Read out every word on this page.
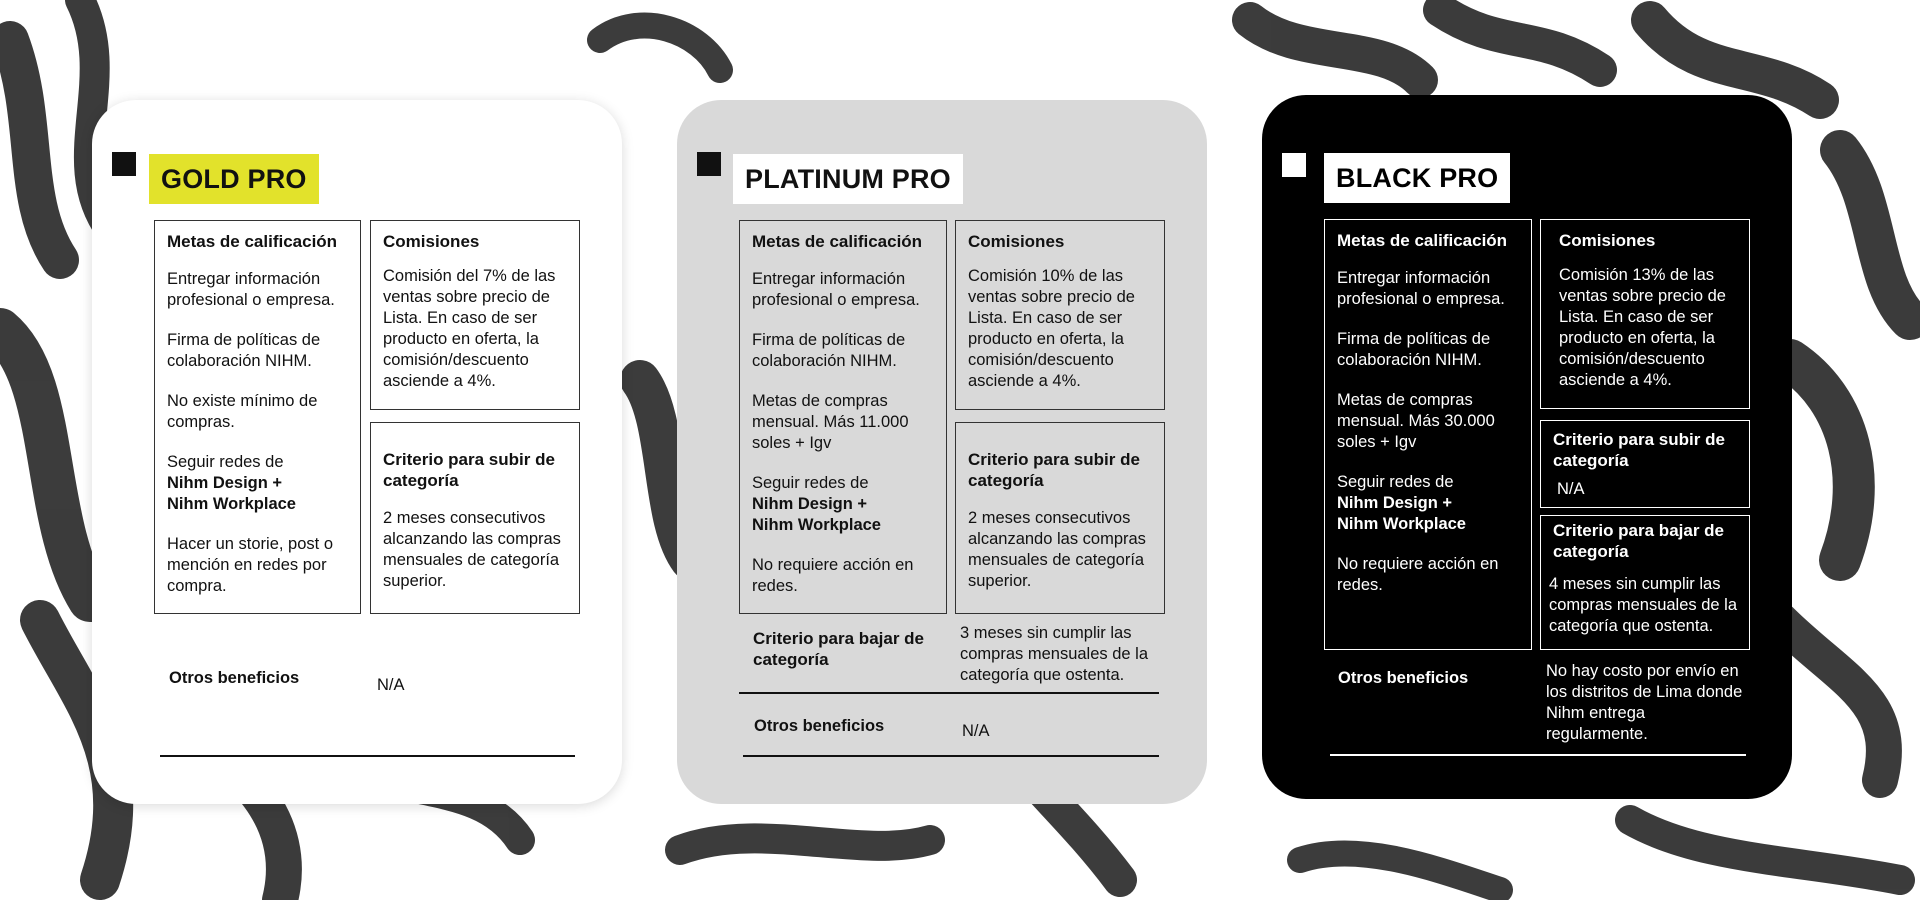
GOLD PRO
Metas de calificación
Entregar información profesional o empresa.
Firma de políticas de colaboración NIHM.
No existe mínimo de compras.
Seguir redes de
Nihm Design +
Nihm Workplace
Hacer un storie, post o mención en redes por compra.
Comisiones
Comisión del 7% de las ventas sobre precio de Lista. En caso de ser producto en oferta, la comisión/descuento asciende a 4%.
Criterio para subir de categoría
2 meses consecutivos alcanzando las compras mensuales de categoría superior.
Otros beneficios	N/A
PLATINUM PRO
Metas de calificación
Entregar información profesional o empresa.
Firma de políticas de colaboración NIHM.
Metas de compras mensual. Más 11.000 soles + Igv
Seguir redes de
Nihm Design +
Nihm Workplace
No requiere acción en redes.
Comisiones
Comisión 10% de las ventas sobre precio de Lista. En caso de ser producto en oferta, la comisión/descuento asciende a 4%.
Criterio para subir de categoría
2 meses consecutivos alcanzando las compras mensuales de categoría superior.
Criterio para bajar de categoría
3 meses sin cumplir las compras mensuales de la categoría que ostenta.
Otros beneficios	N/A
BLACK PRO
Metas de calificación
Entregar información profesional o empresa.
Firma de políticas de colaboración NIHM.
Metas de compras mensual. Más 30.000 soles + Igv
Seguir redes de
Nihm Design +
Nihm Workplace
No requiere acción en redes.
Comisiones
Comisión 13% de las ventas sobre precio de Lista. En caso de ser producto en oferta, la comisión/descuento asciende a 4%.
Criterio para subir de categoría
N/A
Criterio para bajar de categoría
4 meses sin cumplir las compras mensuales de la categoría que ostenta.
Otros beneficios	No hay costo por envío en los distritos de Lima donde Nihm entrega regularmente.
